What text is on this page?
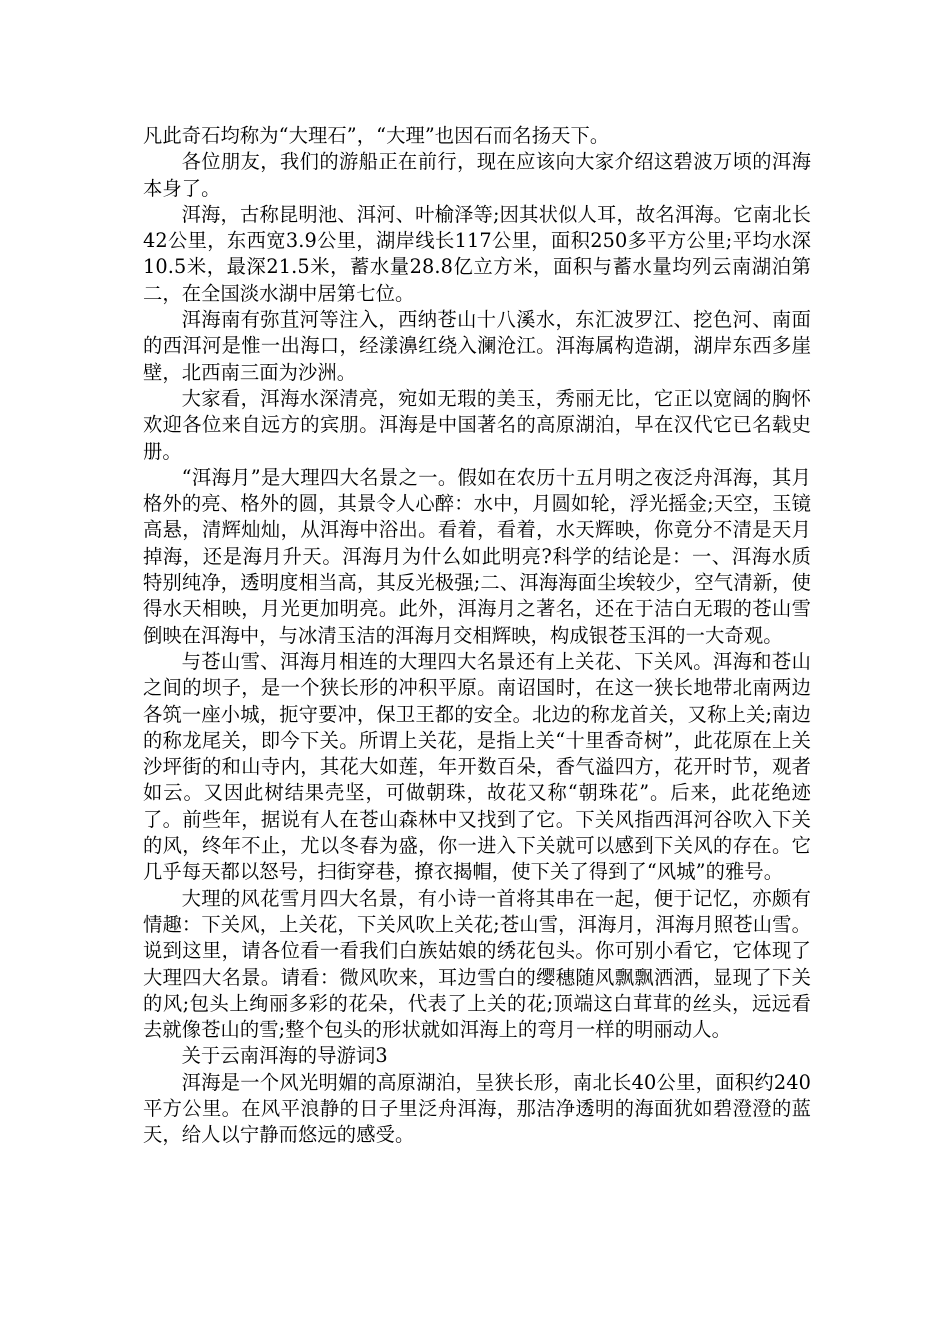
凡此奇石均称为“大理石”，“大理”也因石而名扬天下。

各位朋友，我们的游船正在前行，现在应该向大家介绍这碧波万顷的洱海本身了。

洱海，古称昆明池、洱河、叶榆泽等;因其状似人耳，故名洱海。它南北长42公里，东西宽3.9公里，湖岸线长117公里，面积250多平方公里;平均水深10.5米，最深21.5米，蓄水量28.8亿立方米，面积与蓄水量均列云南湖泊第二，在全国淡水湖中居第七位。

洱海南有弥苴河等注入，西纳苍山十八溪水，东汇波罗江、挖色河、南面的西洱河是惟一出海口，经漾濞红绕入澜沧江。洱海属构造湖，湖岸东西多崖壁，北西南三面为沙洲。

大家看，洱海水深清亮，宛如无瑕的美玉，秀丽无比，它正以宽阔的胸怀欢迎各位来自远方的宾朋。洱海是中国著名的高原湖泊，早在汉代它已名载史册。

“洱海月”是大理四大名景之一。假如在农历十五月明之夜泛舟洱海，其月格外的亮、格外的圆，其景令人心醉：水中，月圆如轮，浮光摇金;天空，玉镜高悬，清辉灿灿，从洱海中浴出。看着，看着，水天辉映，你竟分不清是天月掉海，还是海月升天。洱海月为什么如此明亮?科学的结论是：一、洱海水质特别纯净，透明度相当高，其反光极强;二、洱海海面尘埃较少，空气清新，使得水天相映，月光更加明亮。此外，洱海月之著名，还在于洁白无瑕的苍山雪倒映在洱海中，与冰清玉洁的洱海月交相辉映，构成银苍玉洱的一大奇观。

与苍山雪、洱海月相连的大理四大名景还有上关花、下关风。洱海和苍山之间的坝子，是一个狭长形的冲积平原。南诏国时，在这一狭长地带北南两边各筑一座小城，扼守要冲，保卫王都的安全。北边的称龙首关，又称上关;南边的称龙尾关，即今下关。所谓上关花，是指上关“十里香奇树”，此花原在上关沙坪街的和山寺内，其花大如莲，年开数百朵，香气溢四方，花开时节，观者如云。又因此树结果壳坚，可做朝珠，故花又称“朝珠花”。后来，此花绝迹了。前些年，据说有人在苍山森林中又找到了它。下关风指西洱河谷吹入下关的风，终年不止，尤以冬春为盛，你一进入下关就可以感到下关风的存在。它几乎每天都以怒号，扫街穿巷，撩衣揭帽，使下关了得到了“风城”的雅号。

大理的风花雪月四大名景，有小诗一首将其串在一起，便于记忆，亦颇有情趣：下关风，上关花，下关风吹上关花;苍山雪，洱海月，洱海月照苍山雪。说到这里，请各位看一看我们白族姑娘的绣花包头。你可别小看它，它体现了大理四大名景。请看：微风吹来，耳边雪白的缨穗随风飘飘洒洒，显现了下关的风;包头上绚丽多彩的花朵，代表了上关的花;顶端这白茸茸的丝头，远远看去就像苍山的雪;整个包头的形状就如洱海上的弯月一样的明丽动人。

关于云南洱海的导游词3

洱海是一个风光明媚的高原湖泊，呈狭长形，南北长40公里，面积约240平方公里。在风平浪静的日子里泛舟洱海，那洁净透明的海面犹如碧澄澄的蓝天，给人以宁静而悠远的感受。
